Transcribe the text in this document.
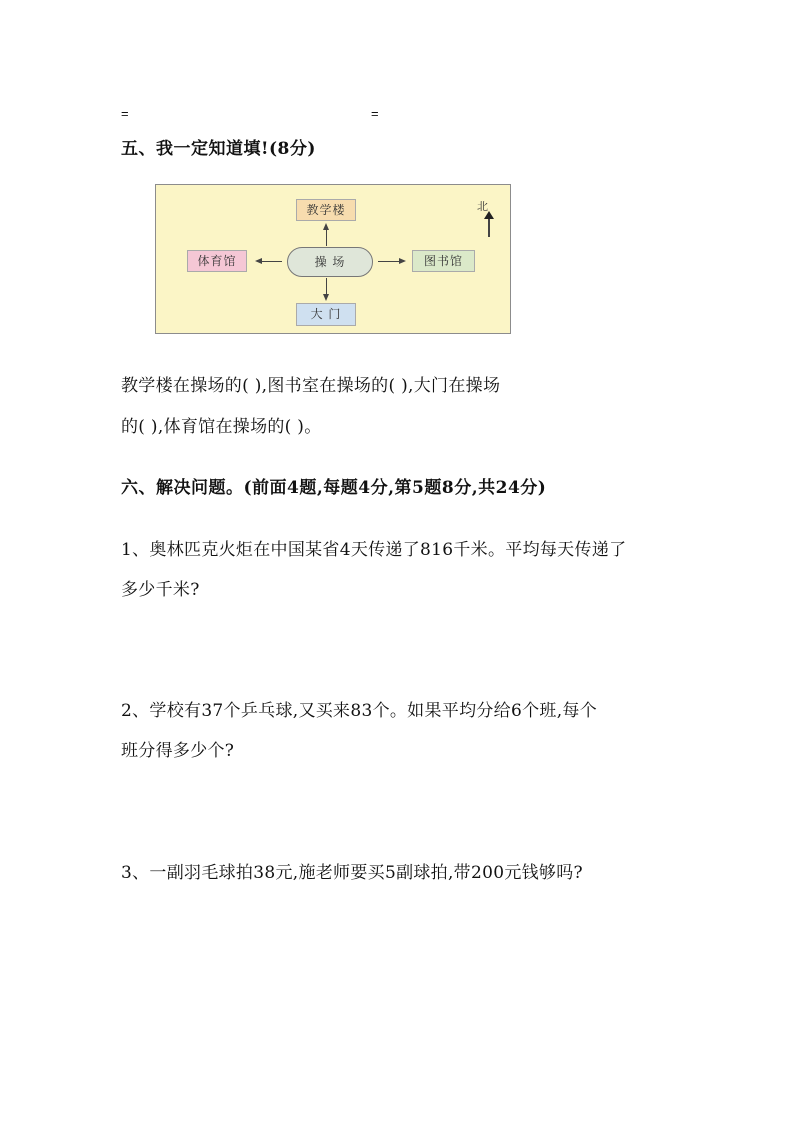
=	=
五、我一定知道填!(8分)
北
教学楼
操 场
体育馆	图书馆
大 门
教学楼在操场的( ),图书室在操场的( ),大门在操场
的( ),体育馆在操场的( )。
六、解决问题。(前面4题,每题4分,第5题8分,共24分)
1、奥林匹克火炬在中国某省4天传递了816千米。平均每天传递了
多少千米?
2、学校有37个乒乓球,又买来83个。如果平均分给6个班,每个
班分得多少个?
3、一副羽毛球拍38元,施老师要买5副球拍,带200元钱够吗?
